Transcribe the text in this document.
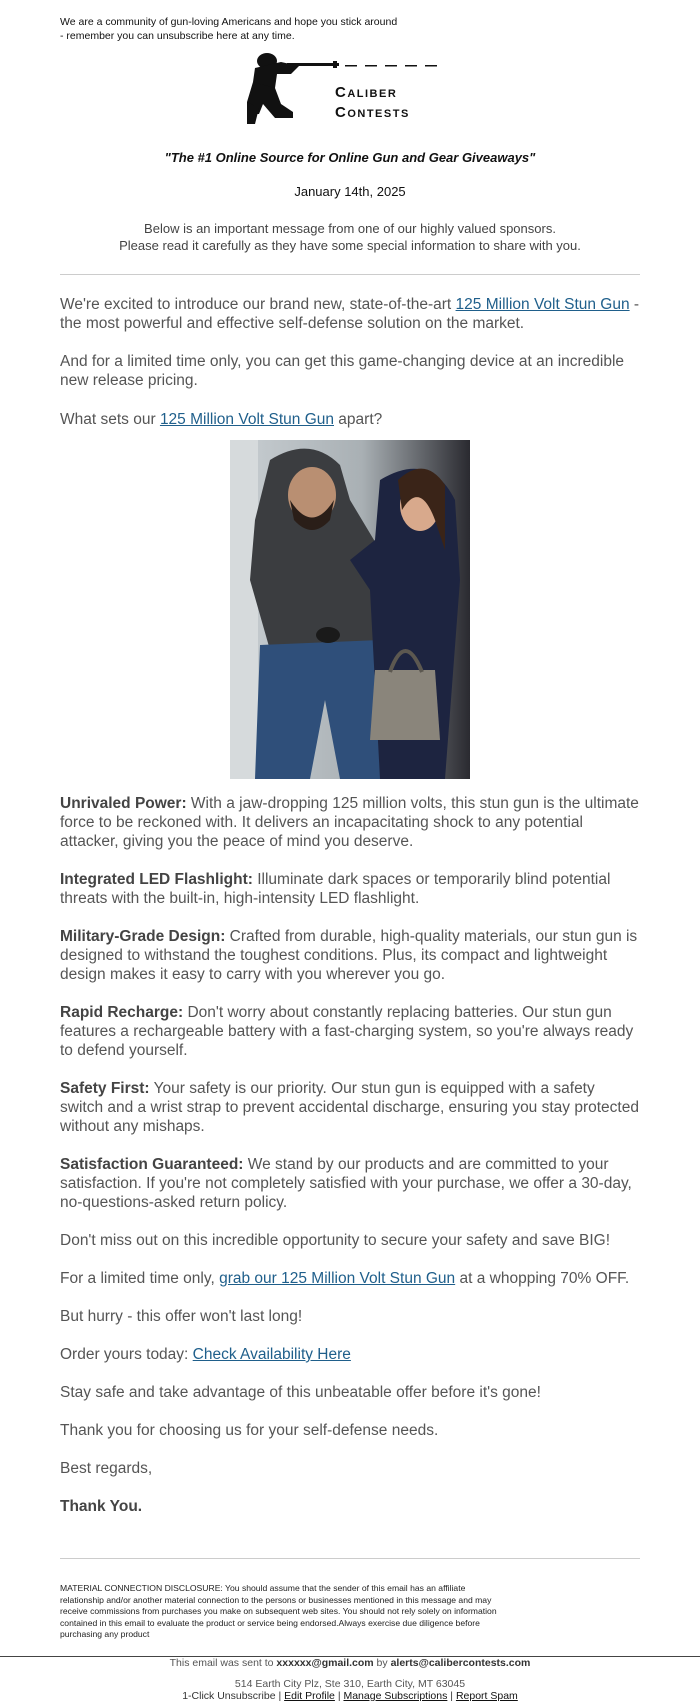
We are a community of gun-loving Americans and hope you stick around
- remember you can unsubscribe here at any time.
Caliber
Contests
"The #1 Online Source for Online Gun and Gear Giveaways"
January 14th, 2025
Below is an important message from one of our highly valued sponsors.
Please read it carefully as they have some special information to share with you.
We're excited to introduce our brand new, state-of-the-art 125 Million Volt Stun Gun - the most powerful and effective self-defense solution on the market.
And for a limited time only, you can get this game-changing device at an incredible new release pricing.
What sets our 125 Million Volt Stun Gun apart?

Unrivaled Power: With a jaw-dropping 125 million volts, this stun gun is the ultimate force to be reckoned with. It delivers an incapacitating shock to any potential attacker, giving you the peace of mind you deserve.

Integrated LED Flashlight: Illuminate dark spaces or temporarily blind potential threats with the built-in, high-intensity LED flashlight.

Military-Grade Design: Crafted from durable, high-quality materials, our stun gun is designed to withstand the toughest conditions. Plus, its compact and lightweight design makes it easy to carry with you wherever you go.

Rapid Recharge: Don't worry about constantly replacing batteries. Our stun gun features a rechargeable battery with a fast-charging system, so you're always ready to defend yourself.

Safety First: Your safety is our priority. Our stun gun is equipped with a safety switch and a wrist strap to prevent accidental discharge, ensuring you stay protected without any mishaps.

Satisfaction Guaranteed: We stand by our products and are committed to your satisfaction. If you're not completely satisfied with your purchase, we offer a 30-day, no-questions-asked return policy.

Don't miss out on this incredible opportunity to secure your safety and save BIG!

For a limited time only, grab our 125 Million Volt Stun Gun at a whopping 70% OFF.

But hurry - this offer won't last long!

Order yours today: Check Availability Here

Stay safe and take advantage of this unbeatable offer before it's gone!

Thank you for choosing us for your self-defense needs.

Best regards,

Thank You.

MATERIAL CONNECTION DISCLOSURE: You should assume that the sender of this email has an affiliate relationship and/or another material connection to the persons or businesses mentioned in this message and may receive commissions from purchases you make on subsequent web sites. You should not rely solely on information contained in this email to evaluate the product or service being endorsed.Always exercise due diligence before purchasing any product
This email was sent to xxxxxx@gmail.com by alerts@calibercontests.com
514 Earth City Plz, Ste 310, Earth City, MT 63045
1-Click Unsubscribe | Edit Profile | Manage Subscriptions | Report Spam
